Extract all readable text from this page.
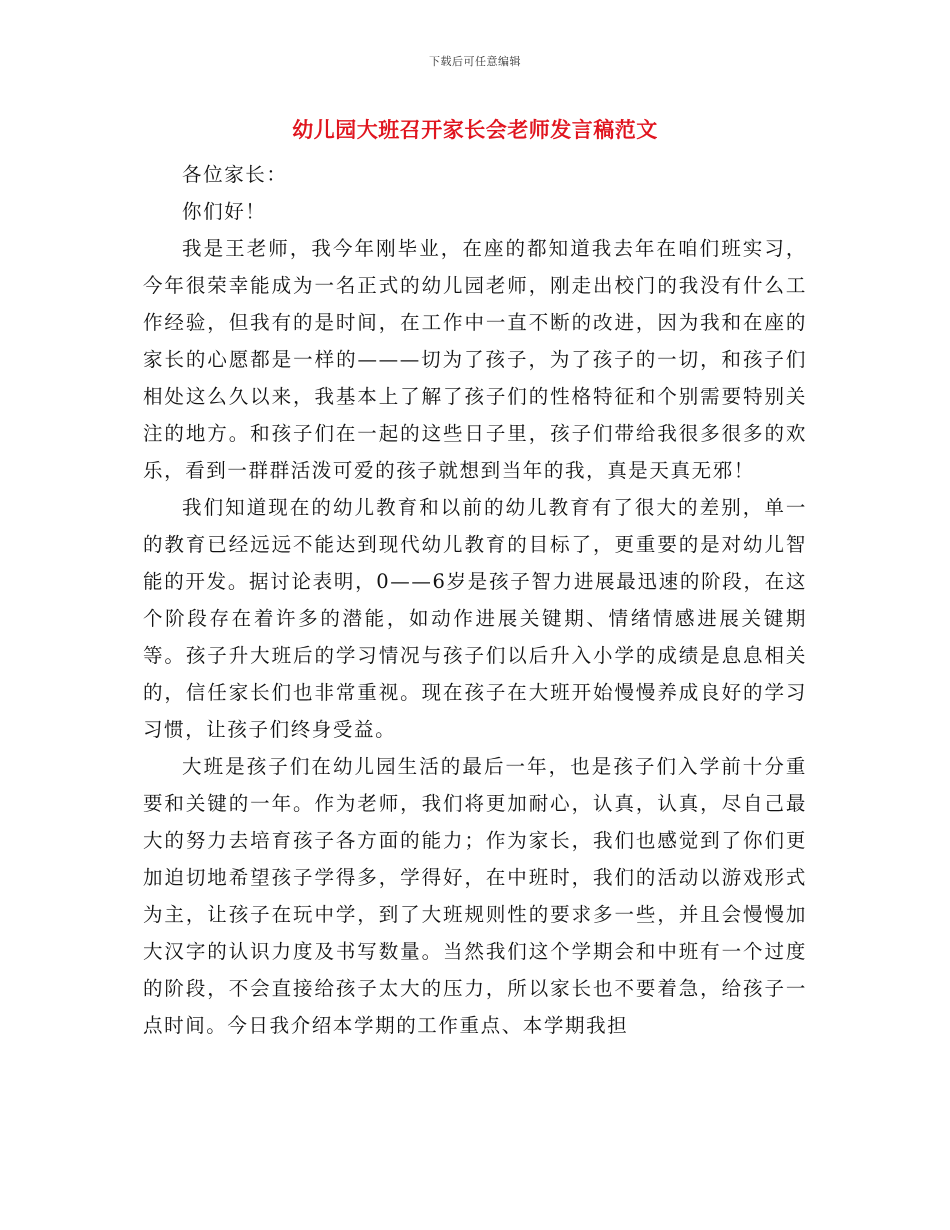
下载后可任意编辑
幼儿园大班召开家长会老师发言稿范文

各位家长：

你们好！

我是王老师，我今年刚毕业，在座的都知道我去年在咱们班实习，今年很荣幸能成为一名正式的幼儿园老师，刚走出校门的我没有什么工作经验，但我有的是时间，在工作中一直不断的改进，因为我和在座的家长的心愿都是一样的———切为了孩子，为了孩子的一切，和孩子们相处这么久以来，我基本上了解了孩子们的性格特征和个别需要特别关注的地方。和孩子们在一起的这些日子里，孩子们带给我很多很多的欢乐，看到一群群活泼可爱的孩子就想到当年的我，真是天真无邪！

我们知道现在的幼儿教育和以前的幼儿教育有了很大的差别，单一的教育已经远远不能达到现代幼儿教育的目标了，更重要的是对幼儿智能的开发。据讨论表明，0——6岁是孩子智力进展最迅速的阶段，在这个阶段存在着许多的潜能，如动作进展关键期、情绪情感进展关键期等。孩子升大班后的学习情况与孩子们以后升入小学的成绩是息息相关的，信任家长们也非常重视。现在孩子在大班开始慢慢养成良好的学习习惯，让孩子们终身受益。

大班是孩子们在幼儿园生活的最后一年，也是孩子们入学前十分重要和关键的一年。作为老师，我们将更加耐心，认真，认真，尽自己最大的努力去培育孩子各方面的能力；作为家长，我们也感觉到了你们更加迫切地希望孩子学得多，学得好，在中班时，我们的活动以游戏形式为主，让孩子在玩中学，到了大班规则性的要求多一些，并且会慢慢加大汉字的认识力度及书写数量。当然我们这个学期会和中班有一个过度的阶段，不会直接给孩子太大的压力，所以家长也不要着急，给孩子一点时间。今日我介绍本学期的工作重点、本学期我担
